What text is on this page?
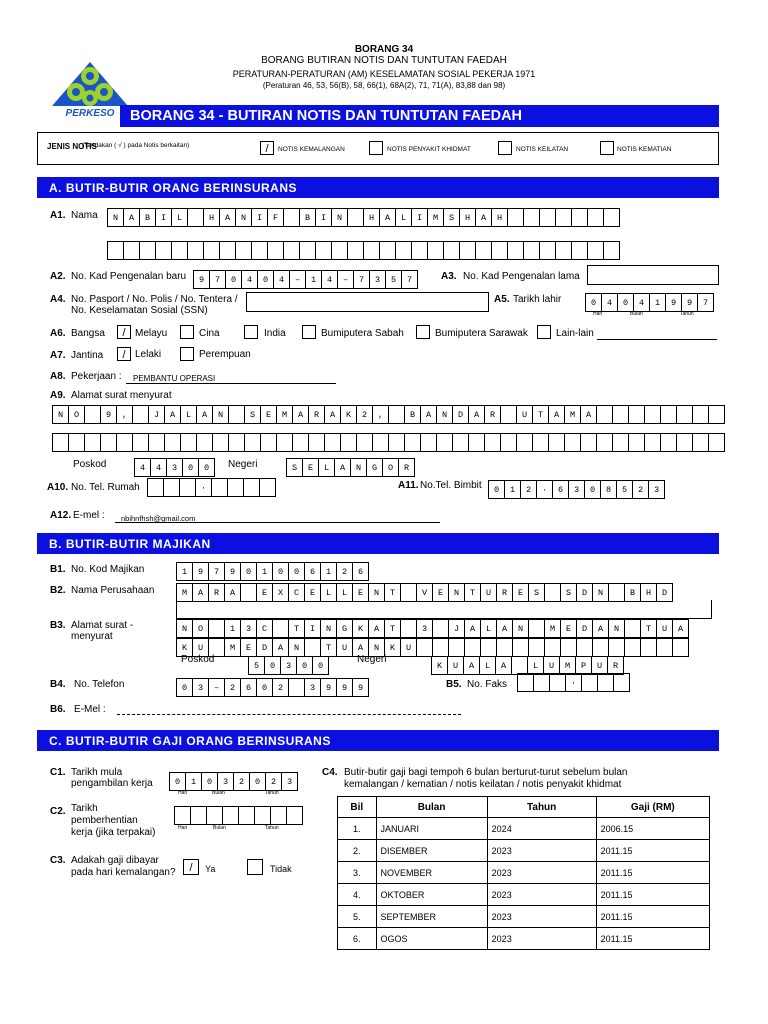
BORANG 34
BORANG BUTIRAN NOTIS DAN TUNTUTAN FAEDAH
PERATURAN-PERATURAN (AM) KESELAMATAN SOSIAL PEKERJA 1971
(Peraturan 46, 53, 56(B), 58, 66(1), 68A(2), 71, 71(A), 83,88 dan 98)
PERKESO	BORANG 34 - BUTIRAN NOTIS DAN TUNTUTAN FAEDAH
JENIS NOTIS
(Tandakan ( √ ) pada Notis berkaitan)	/	NOTIS KEMALANGAN	NOTIS PENYAKIT KHIDMAT	NOTIS KEILATAN	NOTIS KEMATIAN
A. BUTIR-BUTIR ORANG BERINSURANS
A1. Nama	N	A	B	I	L	H	A	N	I	F	B	I	N	H	A	L	I	M	S	H	A	H
A2. No. Kad Pengenalan baru	9	7	0	4	0	4	–	1	4	–	7	3	5	7	A3. No. Kad Pengenalan lama
A4. No. Pasport / No. Polis / No. Tentera /
No. Keselamatan Sosial (SSN)
A5. Tarikh lahir	0	4	0	4	1	9	9	7
Hari	Bulan	Tahun
A6. Bangsa	/ Melayu	Cina	India	Bumiputera Sabah	Bumiputera Sarawak	Lain-lain
A7. Jantina	/ Lelaki	Perempuan
A8. Pekerjaan : PEMBANTU OPERASI
A9. Alamat surat menyurat
N	O	9	,	J	A	L	A	N	S	E	M	A	R	A	K	2	,	B	A	N	D	A	R	U	T	A	M	A
Poskod	4	4	3	0	0	Negeri	S	E	L	A	N	G	O	R
A10. No. Tel. Rumah	·	A11. No.Tel. Bimbit	0	1	2	·	6	3	0	8	5	2	3
A12. E-mel : nbihnfhsh@gmail.com
B. BUTIR-BUTIR MAJIKAN
B1. No. Kod Majikan	1	9	7	9	0	1	0	0	6	1	2	6
B2. Nama Perusahaan	M	A	R	A	E	X	C	E	L	L	E	N	T	V	E	N	T	U	R	E	S	S	D	N	B	H	D
B3. Alamat surat -
menyurat
N	O	1	3	C	T	I	N	G	K	A	T	3	J	A	L	A	N	M	E	D	A	N	T	U	A
K	U	M	E	D	A	N	T	U	A	N	K	U
Poskod
5	0	3	0	0
Negeri
K	U	A	L	A	L	U	M	P	U	R
B4. No. Telefon	0	3	–	2	6	0	2	3	9	9	9	B5. No. Faks	·
B6. E-Mel :
C. BUTIR-BUTIR GAJI ORANG BERINSURANS
C1. Tarikh mula
pengambilan kerja	0	1	0	3	2	0	2	3
Hari	Bulan	Tahun
C2. Tarikh
pemberhentian
kerja (jika terpakai)	Hari	Bulan	Tahun
C3. Adakah gaji dibayar
pada hari kemalangan?	/	Ya	Tidak
C4. Butir-butir gaji bagi tempoh 6 bulan berturut-turut sebelum bulan
kemalangan / kematian / notis keilatan / notis penyakit khidmat
Bil	Bulan	Tahun	Gaji (RM)
1.	JANUARI	2024	2006.15
2.	DISEMBER	2023	2011.15
3.	NOVEMBER	2023	2011.15
4.	OKTOBER	2023	2011.15
5.	SEPTEMBER	2023	2011.15
6.	OGOS	2023	2011.15
